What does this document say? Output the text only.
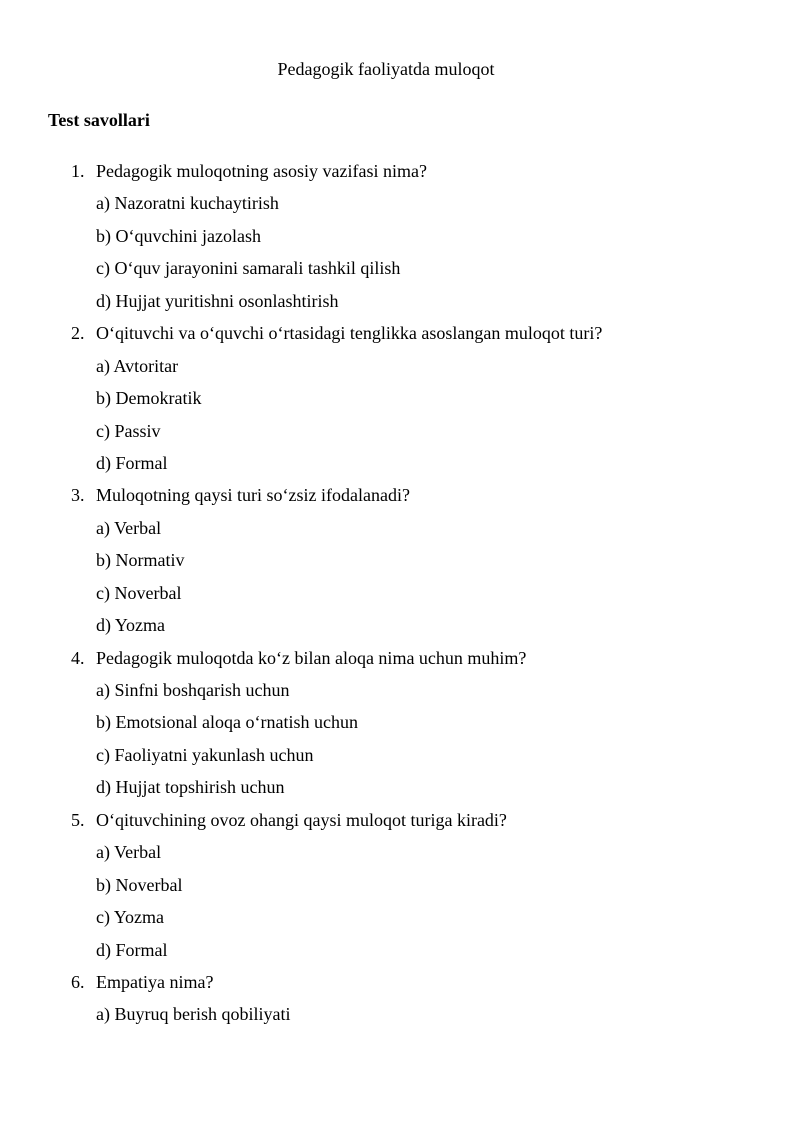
Pedagogik faoliyatda muloqot
Test savollari
1. Pedagogik muloqotning asosiy vazifasi nima?
a) Nazoratni kuchaytirish
b) O‘quvchini jazolash
c) O‘quv jarayonini samarali tashkil qilish
d) Hujjat yuritishni osonlashtirish
2. O‘qituvchi va o‘quvchi o‘rtasidagi tenglikka asoslangan muloqot turi?
a) Avtoritar
b) Demokratik
c) Passiv
d) Formal
3. Muloqotning qaysi turi so‘zsiz ifodalanadi?
a) Verbal
b) Normativ
c) Noverbal
d) Yozma
4. Pedagogik muloqotda ko‘z bilan aloqa nima uchun muhim?
a) Sinfni boshqarish uchun
b) Emotsional aloqa o‘rnatish uchun
c) Faoliyatni yakunlash uchun
d) Hujjat topshirish uchun
5. O‘qituvchining ovoz ohangi qaysi muloqot turiga kiradi?
a) Verbal
b) Noverbal
c) Yozma
d) Formal
6. Empatiya nima?
a) Buyruq berish qobiliyati
